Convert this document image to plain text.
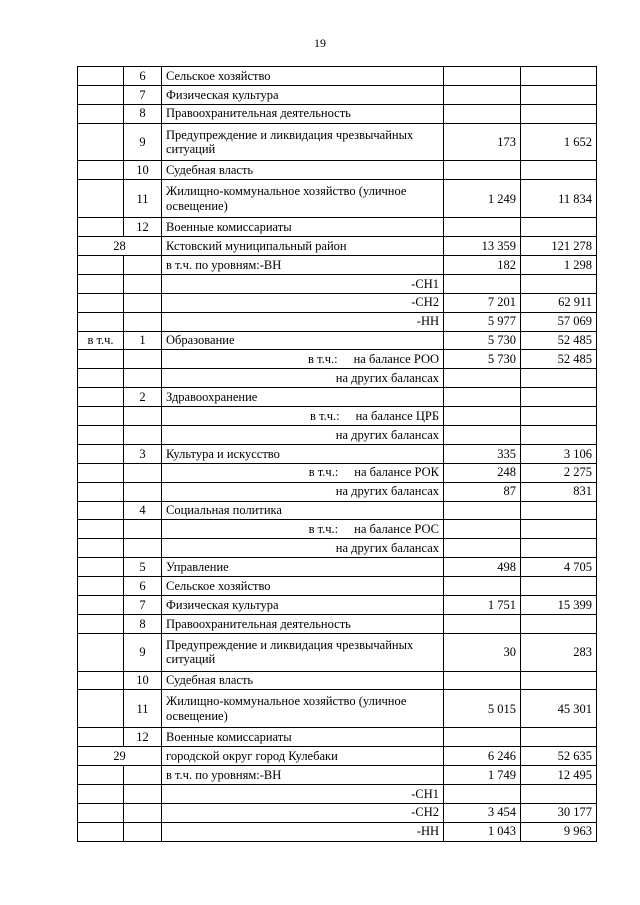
19
	6	Сельское хозяйство		
	7	Физическая культура		
	8	Правоохранительная деятельность		
	9	Предупреждение и ликвидация чрезвычайных ситуаций	173	1 652
	10	Судебная власть		
	11	Жилищно-коммунальное хозяйство (уличное освещение)	1 249	11 834
	12	Военные комиссариаты		
28		Кстовский муниципальный район	13 359	121 278

		в т.ч. по уровням:-ВН	182	1 298

		-СН1		

		-СН2	7 201	62 911

		-НН	5 977	57 069
в т.ч.	1	Образование	5 730	52 485

		в т.ч.: на балансе РОО	5 730	52 485

		на других балансах		

	2	Здравоохранение		

		в т.ч.: на балансе ЦРБ		

		на других балансах		

	3	Культура и искусство	335	3 106

		в т.ч.: на балансе РОК	248	2 275

		на других балансах	87	831
	4	Социальная политика		

		в т.ч.: на балансе РОС		

		на других балансах		

	5	Управление	498	4 705
	6	Сельское хозяйство		
	7	Физическая культура	1 751	15 399
	8	Правоохранительная деятельность		
	9	Предупреждение и ликвидация чрезвычайных ситуаций	30	283
	10	Судебная власть		
	11	Жилищно-коммунальное хозяйство (уличное освещение)	5 015	45 301
	12	Военные комиссариаты		
29		городской округ город Кулебаки	6 246	52 635

		в т.ч. по уровням:-ВН	1 749	12 495

		-СН1		

		-СН2	3 454	30 177

		-НН	1 043	9 963
